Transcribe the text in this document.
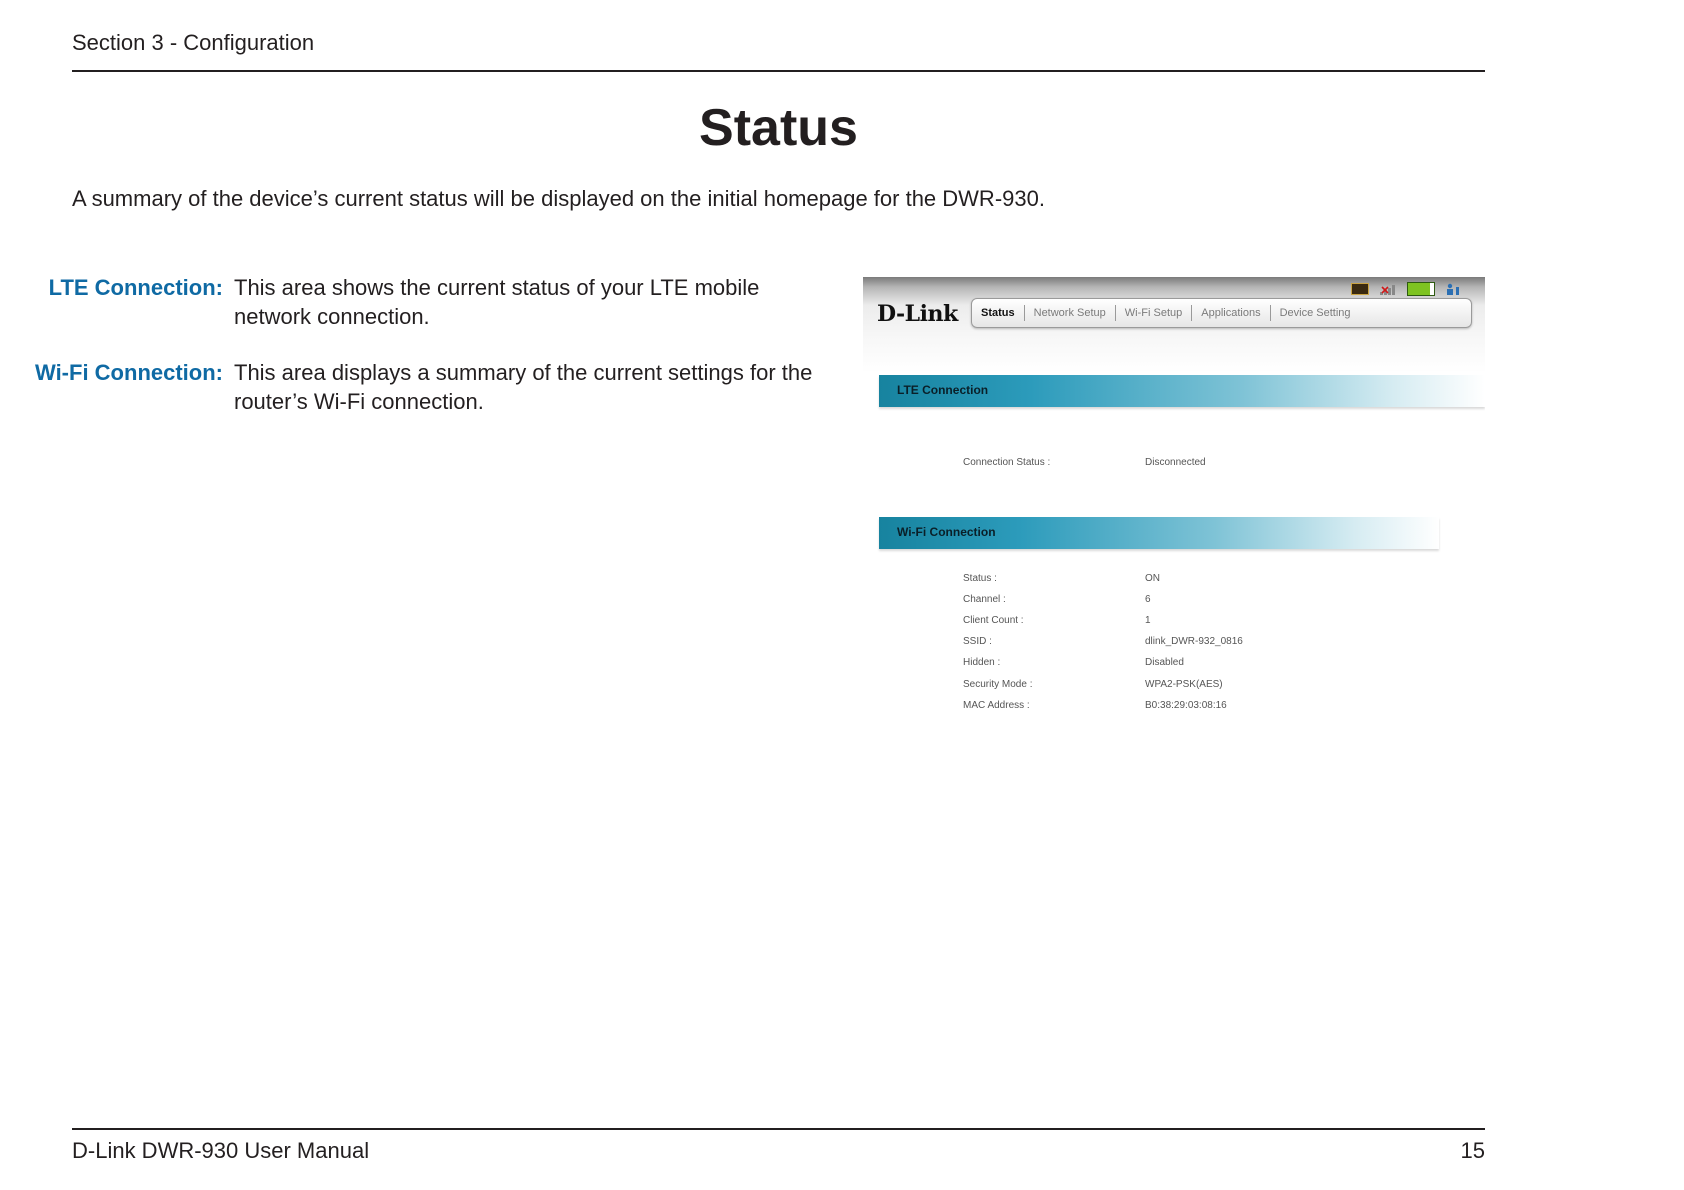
Section 3 - Configuration
Status
A summary of the device’s current status will be displayed on the initial homepage for the DWR-930.
LTE Connection: This area shows the current status of your LTE mobile network connection.
Wi-Fi Connection: This area displays a summary of the current settings for the router’s Wi-Fi connection.
D-Link	Status	Network Setup	Wi-Fi Setup	Applications	Device Setting
LTE Connection
Connection Status :	Disconnected
Wi-Fi Connection
Status :	ON
Channel :	6
Client Count :	1
SSID :	dlink_DWR-932_0816
Hidden :	Disabled
Security Mode :	WPA2-PSK(AES)
MAC Address :	B0:38:29:03:08:16
D-Link DWR-930 User Manual	15
